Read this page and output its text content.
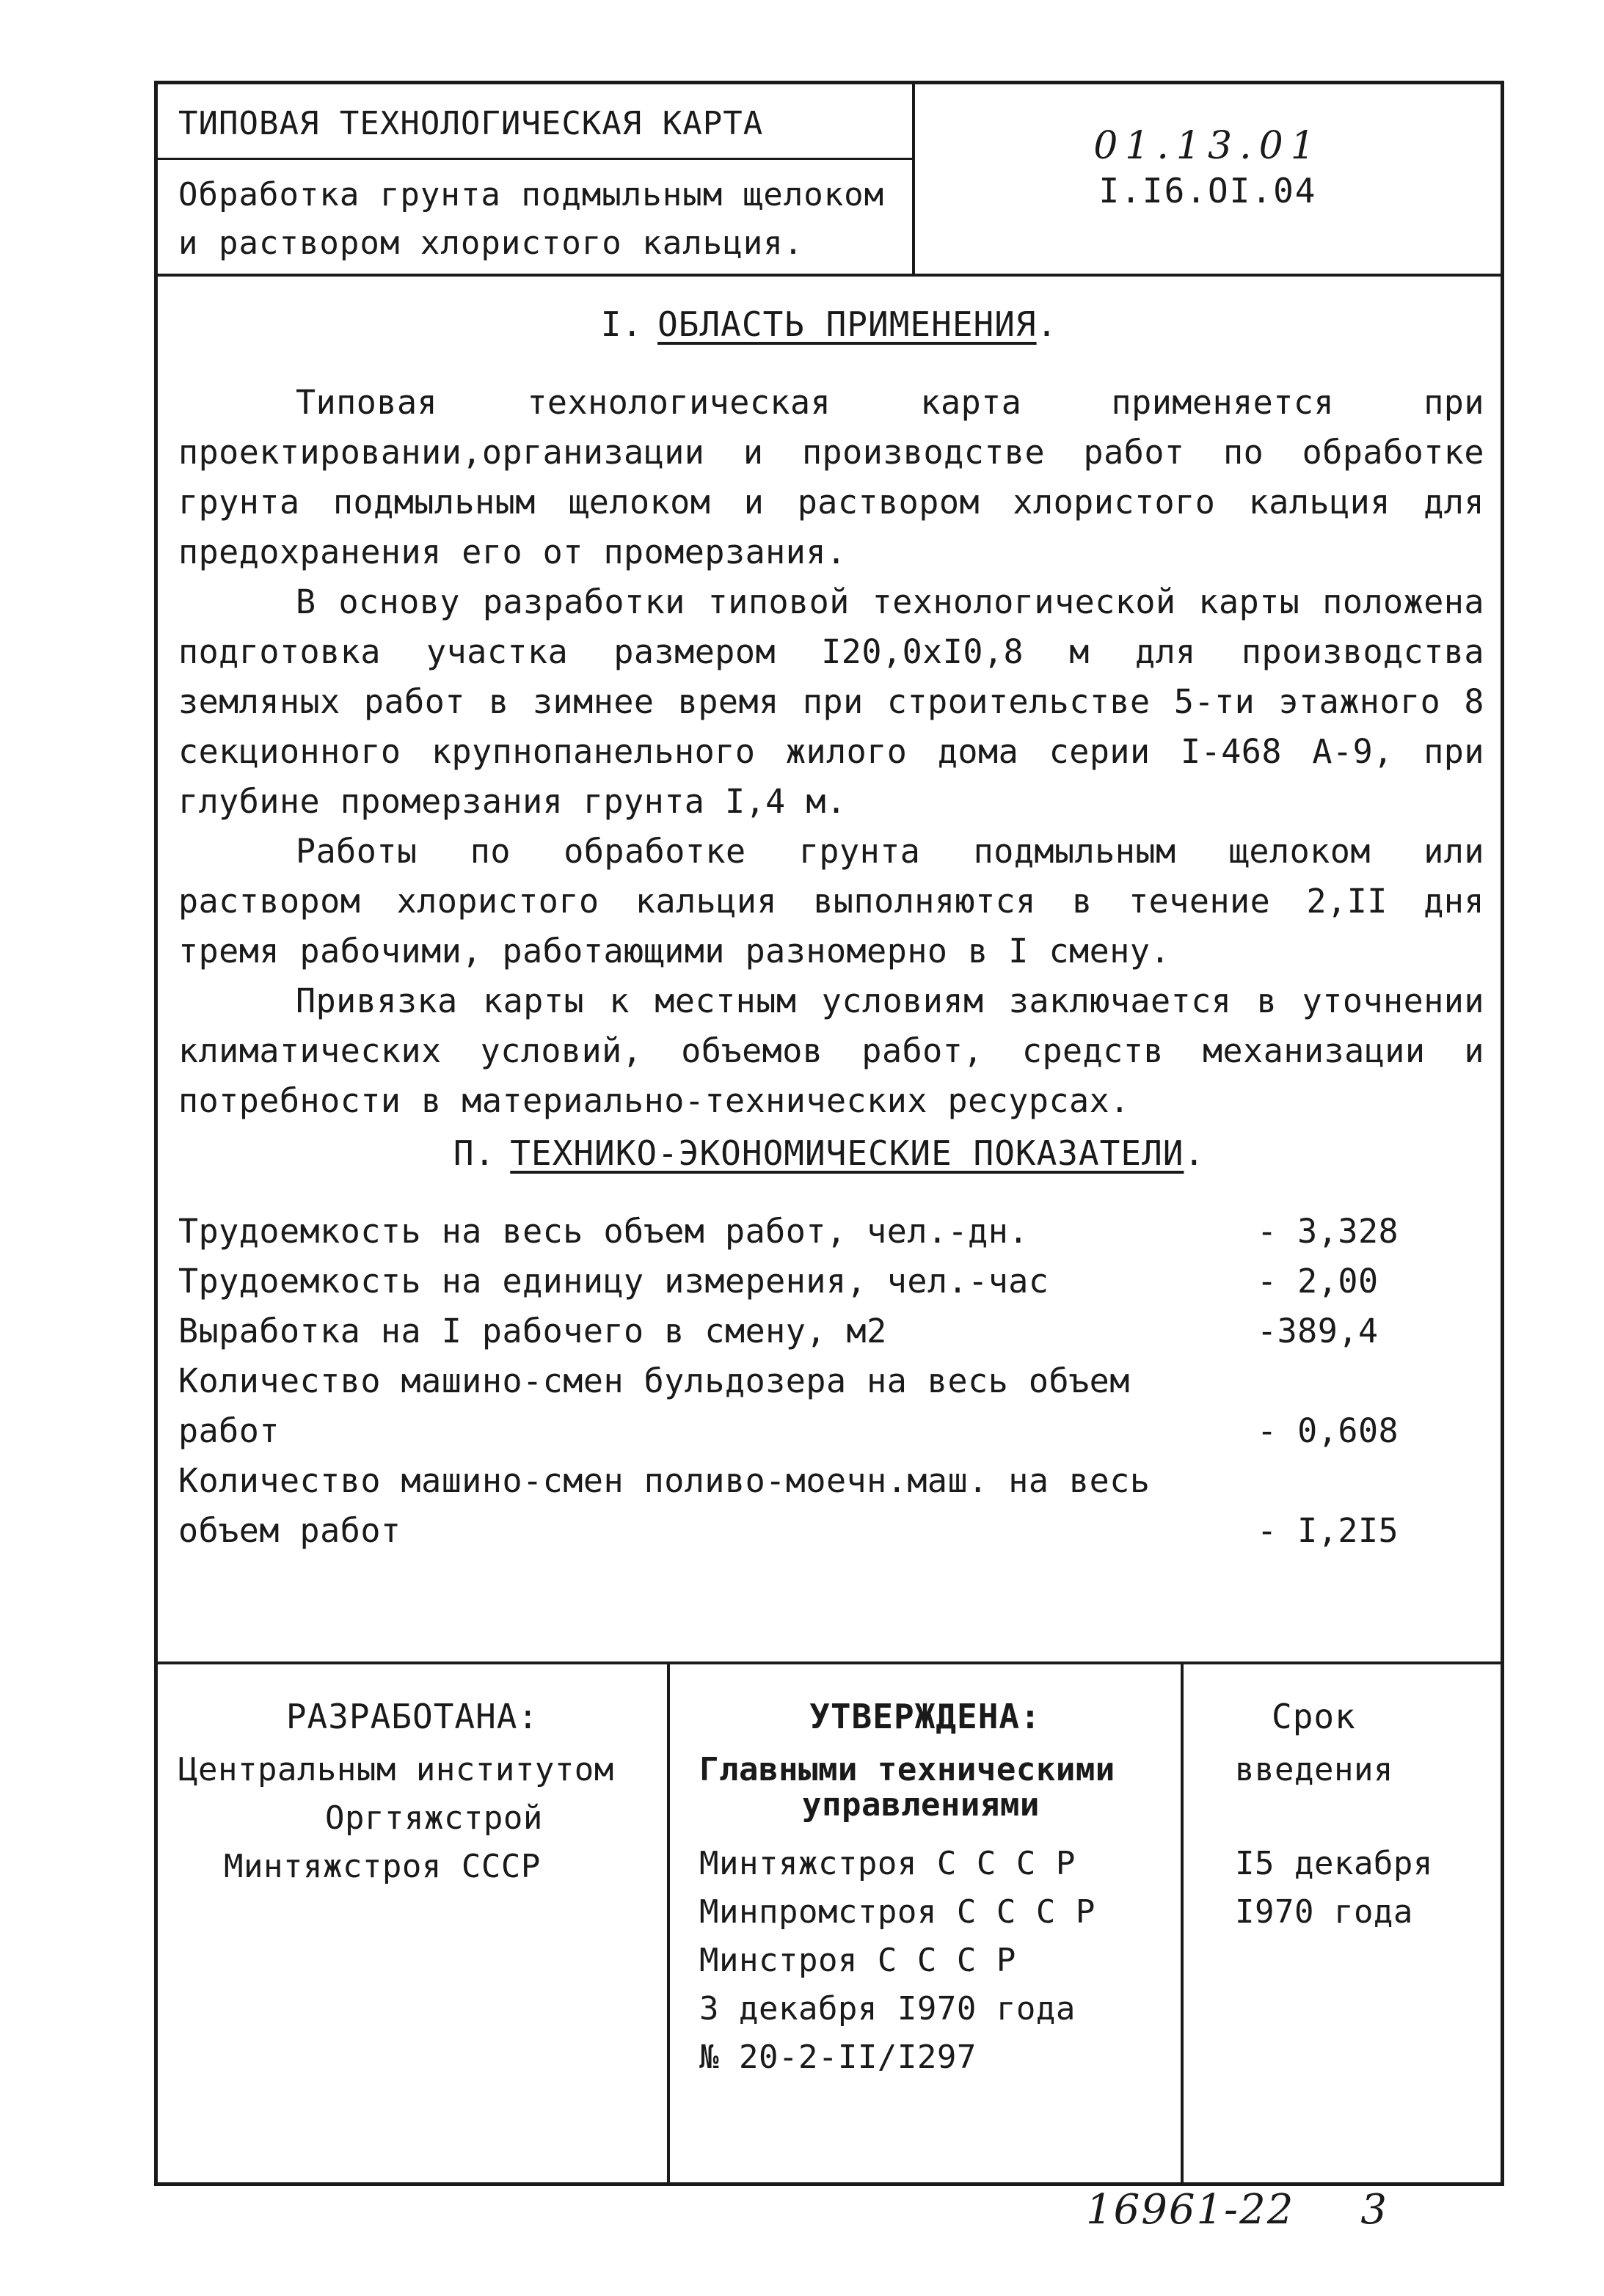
ТИПОВАЯ ТЕХНОЛОГИЧЕСКАЯ КАРТА
Обработка грунта подмыльным щелоком
и раствором хлористого кальция.
01.13.01
I.I6.OI.04
I. ОБЛАСТЬ ПРИМЕНЕНИЯ.
Типовая технологическая карта применяется при проектировании,организации и производстве работ по обработке грунта подмыльным щелоком и раствором хлористого кальция для предохранения его от промерзания.
В основу разработки типовой технологической карты положена подготовка участка размером I20,0xI0,8 м для производства земляных работ в зимнее время при строительстве 5-ти этажного 8 секционного крупнопанельного жилого дома серии I-468 А-9, при глубине промерзания грунта I,4 м.
Работы по обработке грунта подмыльным щелоком или раствором хлористого кальция выполняются в течение 2,II дня тремя рабочими, работающими разномерно в I смену.
Привязка карты к местным условиям заключается в уточнении климатических условий, объемов работ, средств механизации и потребности в материально-технических ресурсах.
П. ТЕХНИКО-ЭКОНОМИЧЕСКИЕ ПОКАЗАТЕЛИ.
Трудоемкость на весь объем работ, чел.-дн.	- 3,328
Трудоемкость на единицу измерения, чел.-час	- 2,00
Выработка на I рабочего в смену, м2	-389,4
Количество машино-смен бульдозера на весь объем
работ	- 0,608
Количество машино-смен поливо-моечн.маш. на весь
объем работ	- I,2I5
РАЗРАБОТАНА:
Центральным институтом
Оргтяжстрой
Минтяжстроя СССР
УТВЕРЖДЕНА:
Главными техническими
управлениями
Минтяжстроя С С С Р
Минпромстроя С С С Р
Минстроя С С С Р
3 декабря I970 года
№ 20-2-II/I297
Срок
введения
I5 декабря
I970 года
16961-22 3
